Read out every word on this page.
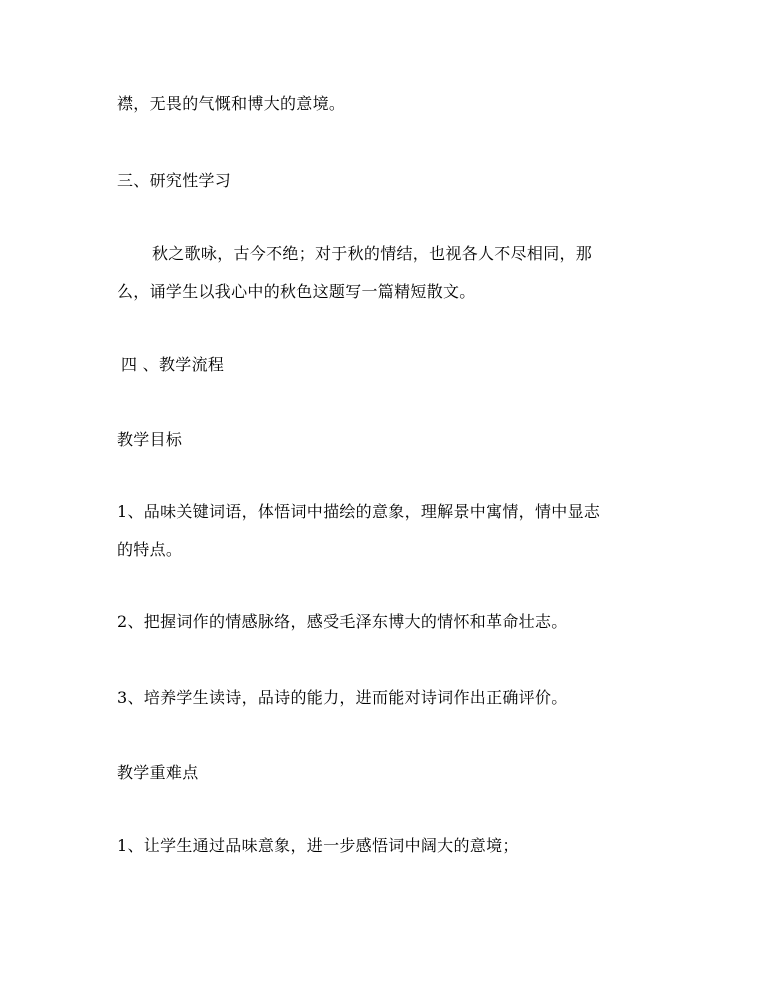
襟，无畏的气慨和博大的意境。
三、研究性学习
秋之歌咏，古今不绝；对于秋的情结，也视各人不尽相同，那
么，诵学生以我心中的秋色这题写一篇精短散文。
四 、教学流程
教学目标
1、品味关键词语，体悟词中描绘的意象，理解景中寓情，情中显志
的特点。
2、把握词作的情感脉络，感受毛泽东博大的情怀和革命壮志。
3、培养学生读诗，品诗的能力，进而能对诗词作出正确评价。
教学重难点
1、让学生通过品味意象，进一步感悟词中阔大的意境；
